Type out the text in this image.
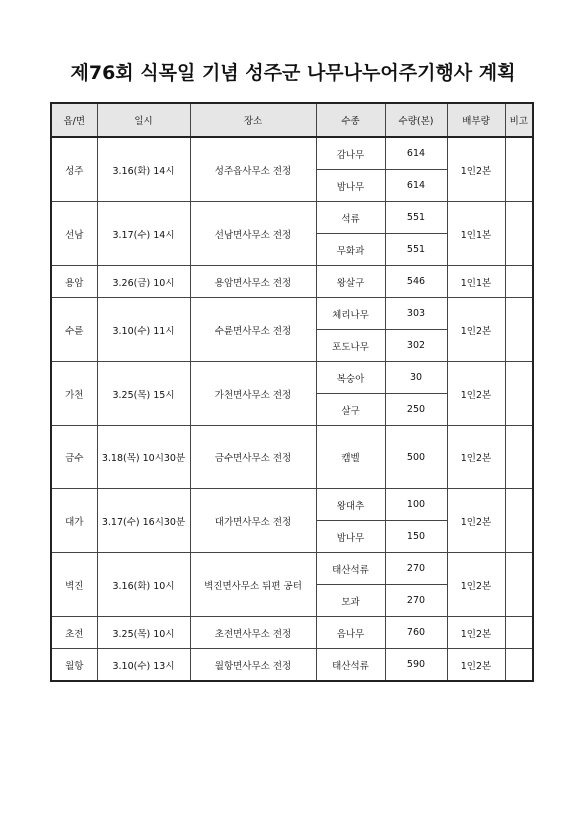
제76회 식목일 기념 성주군 나무나누어주기행사 계획
읍/면	일시	장소	수종	수량(본)	배부량	비고
성주	3.16(화) 14시	성주읍사무소 전정	감나무	614	1인2본	
			밤나무	614		
선남	3.17(수) 14시	선남면사무소 전정	석류	551	1인1본	
			무화과	551		
용암	3.26(금) 10시	용암면사무소 전정	왕살구	546	1인1본	
수륜	3.10(수) 11시	수륜면사무소 전정	체리나무	303	1인2본	
			포도나무	302		
가천	3.25(목) 15시	가천면사무소 전정	복숭아	30	1인2본	
			살구	250		
금수	3.18(목) 10시30분	금수면사무소 전정	캠벨	500	1인2본	
대가	3.17(수) 16시30분	대가면사무소 전정	왕대추	100	1인2본	
			밤나무	150		
벽진	3.16(화) 10시	벽진면사무소 뒤편 공터	태산석류	270	1인2본	
			모과	270		
초전	3.25(목) 10시	초전면사무소 전정	음나무	760	1인2본	
월항	3.10(수) 13시	월항면사무소 전정	태산석류	590	1인2본	
